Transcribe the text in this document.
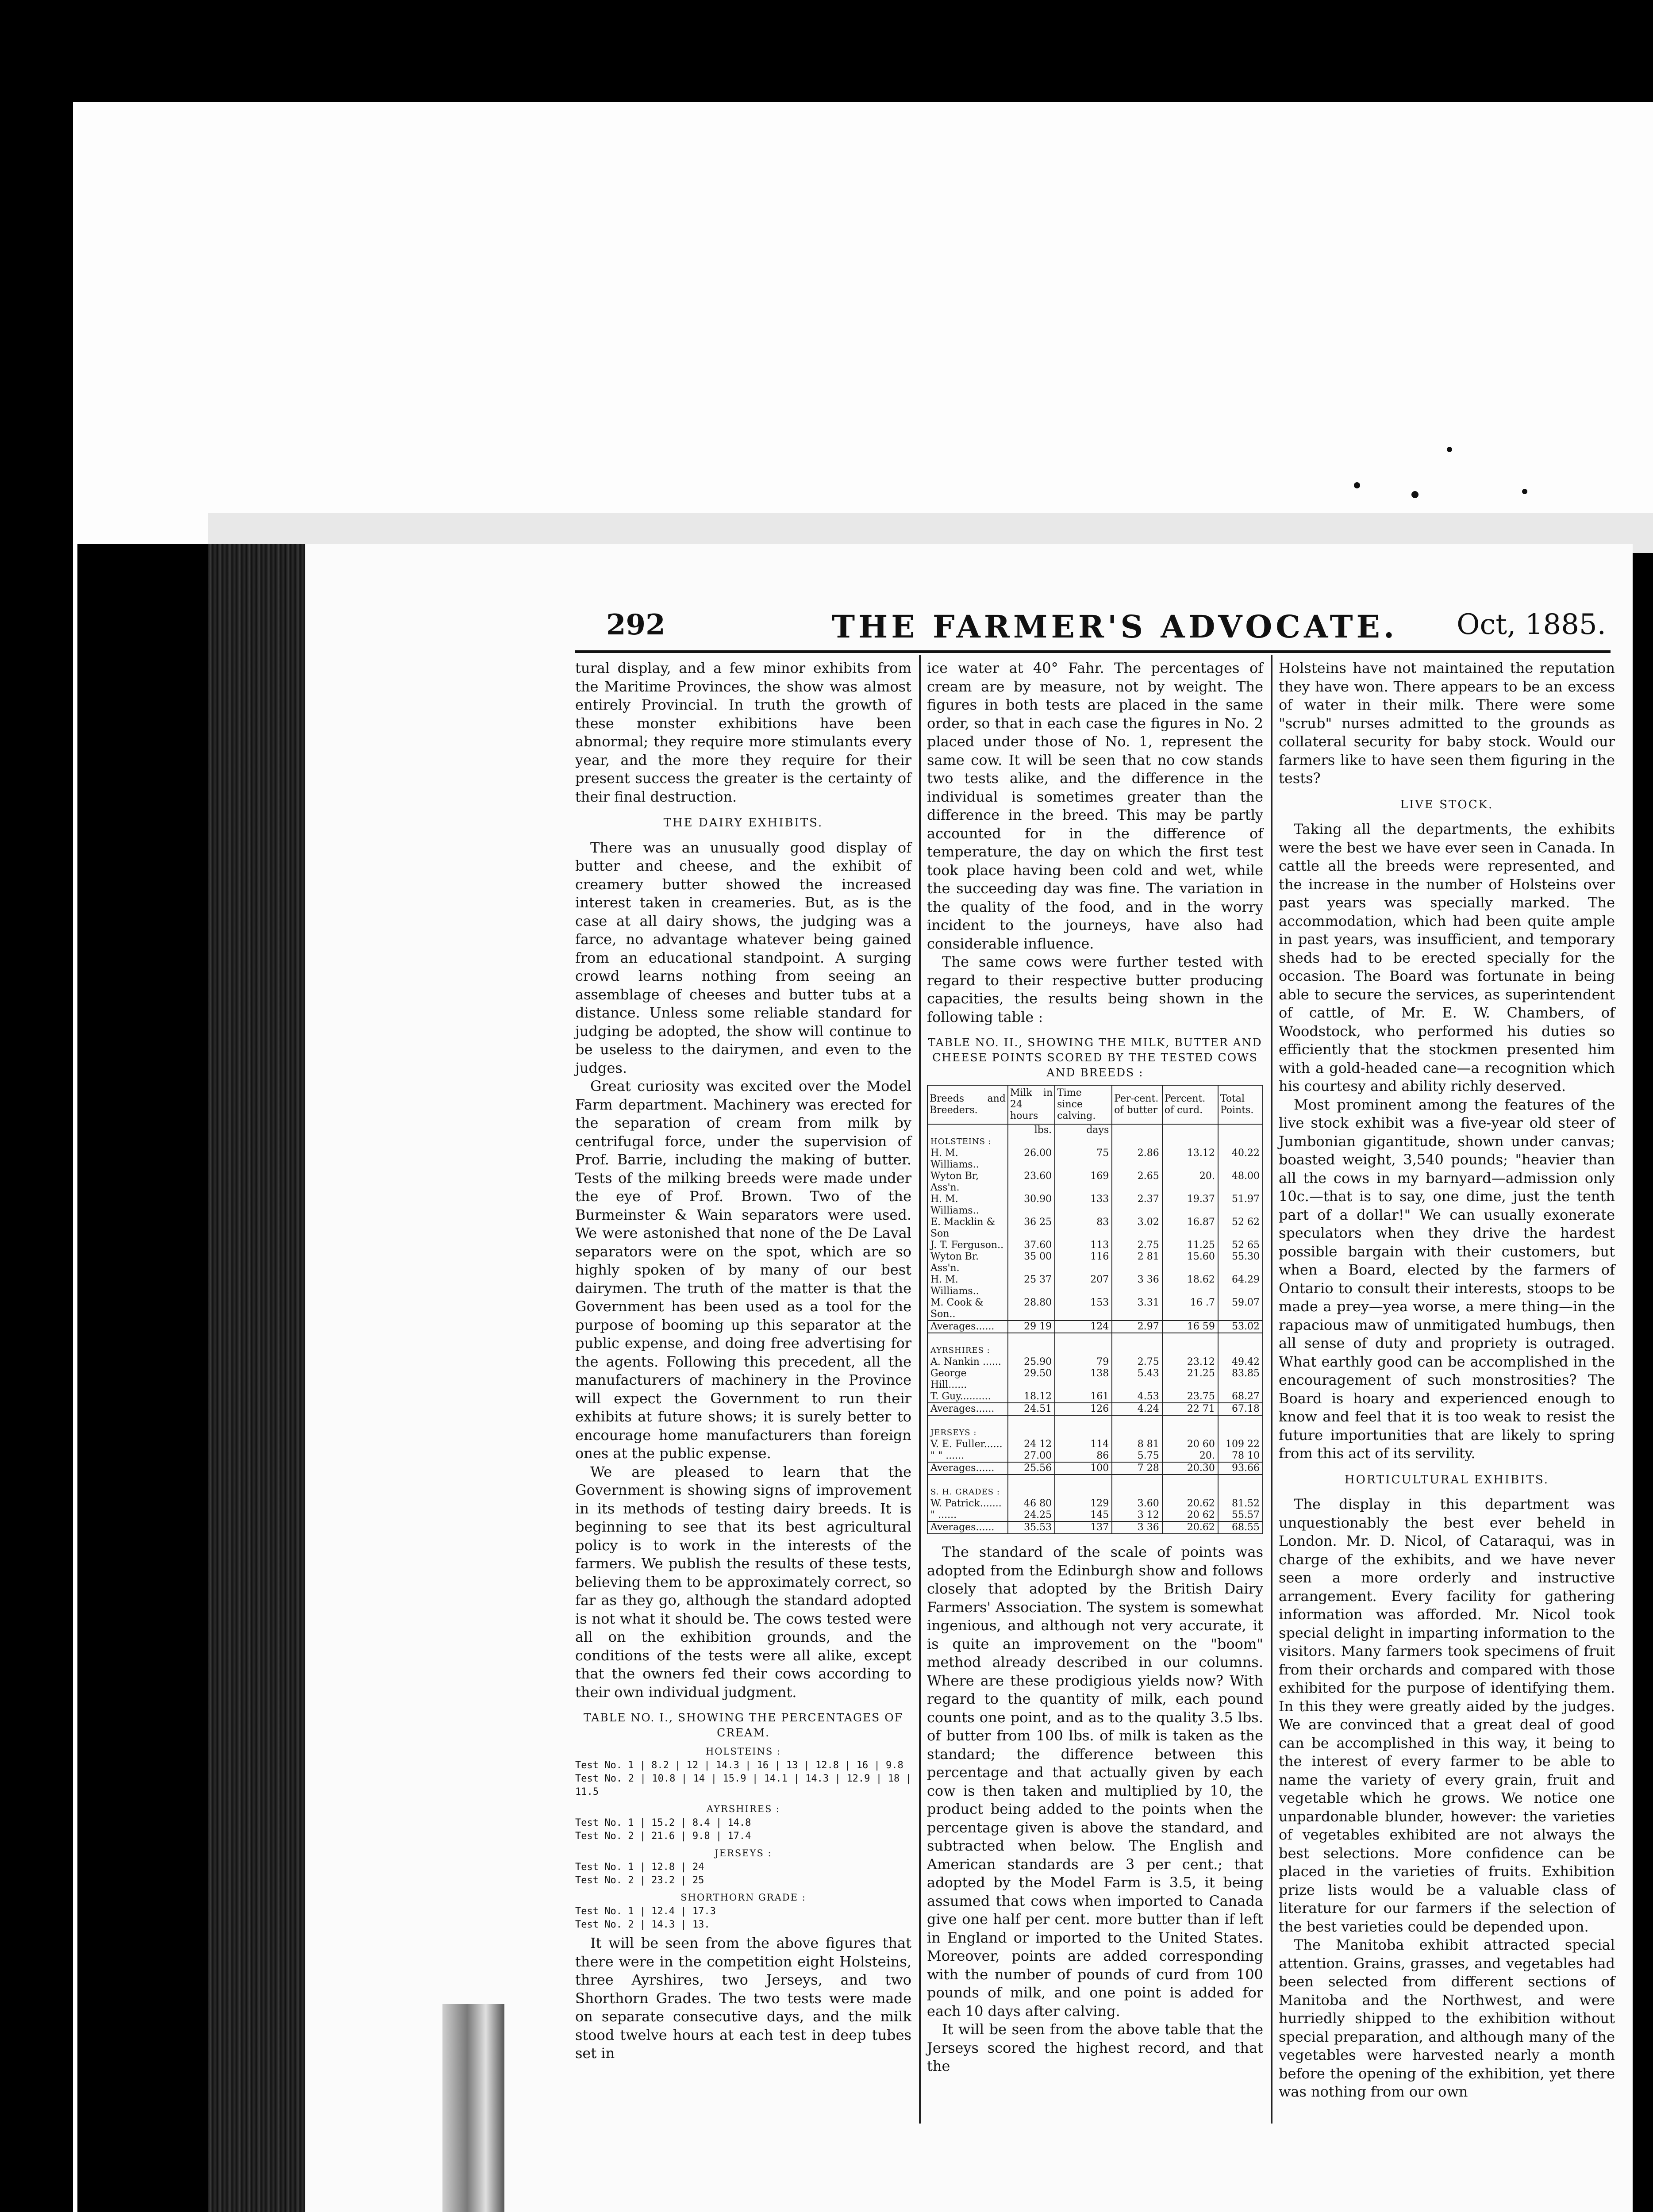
292	THE FARMER'S ADVOCATE. Oct, 1885.

tural display, and a few minor exhibits from the Maritime Provinces, the show was almost entirely Provincial. In truth the growth of these monster exhibitions have been abnormal; they require more stimulants every year, and the more they require for their present success the greater is the certainty of their final destruction.

THE DAIRY EXHIBITS.

There was an unusually good display of butter and cheese, and the exhibit of creamery butter showed the increased interest taken in creameries. But, as is the case at all dairy shows, the judging was a farce, no advantage whatever being gained from an educational standpoint. A surging crowd learns nothing from seeing an assemblage of cheeses and butter tubs at a distance. Unless some reliable standard for judging be adopted, the show will continue to be useless to the dairymen, and even to the judges.

Great curiosity was excited over the Model Farm department. Machinery was erected for the separation of cream from milk by centrifugal force, under the supervision of Prof. Barrie, including the making of butter. Tests of the milking breeds were made under the eye of Prof. Brown. Two of the Burmeinster & Wain separators were used. We were astonished that none of the De Laval separators were on the spot, which are so highly spoken of by many of our best dairymen. The truth of the matter is that the Government has been used as a tool for the purpose of booming up this separator at the public expense, and doing free advertising for the agents. Following this precedent, all the manufacturers of machinery in the Province will expect the Government to run their exhibits at future shows; it is surely better to encourage home manufacturers than foreign ones at the public expense.

We are pleased to learn that the Government is showing signs of improvement in its methods of testing dairy breeds. It is beginning to see that its best agricultural policy is to work in the interests of the farmers. We publish the results of these tests, believing them to be approximately correct, so far as they go, although the standard adopted is not what it should be. The cows tested were all on the exhibition grounds, and the conditions of the tests were all alike, except that the owners fed their cows according to their own individual judgment.

TABLE NO. I., SHOWING THE PERCENTAGES OF CREAM.
HOLSTEINS :
Test No. 1 | 8.2 | 12 | 14.3 | 16 | 13 | 12.8 | 16 | 9.8
Test No. 2 | 10.8 | 14 | 15.9 | 14.1 | 14.3 | 12.9 | 18 | 11.5
AYRSHIRES :
Test No. 1 | 15.2 | 8.4 | 14.8
Test No. 2 | 21.6 | 9.8 | 17.4
JERSEYS :
Test No. 1 | 12.8 | 24
Test No. 2 | 23.2 | 25
SHORTHORN GRADE :
Test No. 1 | 12.4 | 17.3
Test No. 2 | 14.3 | 13.

It will be seen from the above figures that there were in the competition eight Holsteins, three Ayrshires, two Jerseys, and two Shorthorn Grades. The two tests were made on separate consecutive days, and the milk stood twelve hours at each test in deep tubes set in

ice water at 40° Fahr. The percentages of cream are by measure, not by weight. The figures in both tests are placed in the same order, so that in each case the figures in No. 2 placed under those of No. 1, represent the same cow. It will be seen that no cow stands two tests alike, and the difference in the individual is sometimes greater than the difference in the breed. This may be partly accounted for in the difference of temperature, the day on which the first test took place having been cold and wet, while the succeeding day was fine. The variation in the quality of the food, and in the worry incident to the journeys, have also had considerable influence.

The same cows were further tested with regard to their respective butter producing capacities, the results being shown in the following table :

TABLE NO. II., SHOWING THE MILK, BUTTER AND CHEESE POINTS SCORED BY THE TESTED COWS AND BREEDS :
Breeds and Breeders.	Milk in 24 hours	Time since calving.	Per-cent. of butter	Percent. of curd.	Total Points.
	lbs.	days			
HOLSTEINS :					
H. M. Williams..	26.00	75	2.86	13.12	40.22
Wyton Br, Ass'n.	23.60	169	2.65	20.	48.00
H. M. Williams..	30.90	133	2.37	19.37	51.97
E. Macklin & Son	36 25	83	3.02	16.87	52 62
J. T. Ferguson..	37.60	113	2.75	11.25	52 65
Wyton Br. Ass'n.	35 00	116	2 81	15.60	55.30
H. M. Williams..	25 37	207	3 36	18.62	64.29
M. Cook & Son..	28.80	153	3.31	16 .7	59.07
Averages......	29 19	124	2.97	16 59	53.02

AYRSHIRES :					
A. Nankin ......	25.90	79	2.75	23.12	49.42
George Hill......	29.50	138	5.43	21.25	83.85
T. Guy..........	18.12	161	4.53	23.75	68.27
Averages......	24.51	126	4.24	22 71	67.18

JERSEYS :					
V. E. Fuller......	24 12	114	8 81	20 60	109 22
" " ......	27.00	86	5.75	20.	78 10
Averages......	25.56	100	7 28	20.30	93.66

S. H. GRADES :					
W. Patrick.......	46 80	129	3.60	20.62	81.52
" ......	24.25	145	3 12	20 62	55.57
Averages......	35.53	137	3 36	20.62	68.55

The standard of the scale of points was adopted from the Edinburgh show and follows closely that adopted by the British Dairy Farmers' Association. The system is somewhat ingenious, and although not very accurate, it is quite an improvement on the "boom" method already described in our columns. Where are these prodigious yields now? With regard to the quantity of milk, each pound counts one point, and as to the quality 3.5 lbs. of butter from 100 lbs. of milk is taken as the standard; the difference between this percentage and that actually given by each cow is then taken and multiplied by 10, the product being added to the points when the percentage given is above the standard, and subtracted when below. The English and American standards are 3 per cent.; that adopted by the Model Farm is 3.5, it being assumed that cows when imported to Canada give one half per cent. more butter than if left in England or imported to the United States. Moreover, points are added corresponding with the number of pounds of curd from 100 pounds of milk, and one point is added for each 10 days after calving.

It will be seen from the above table that the Jerseys scored the highest record, and that the

Holsteins have not maintained the reputation they have won. There appears to be an excess of water in their milk. There were some "scrub" nurses admitted to the grounds as collateral security for baby stock. Would our farmers like to have seen them figuring in the tests?

LIVE STOCK.

Taking all the departments, the exhibits were the best we have ever seen in Canada. In cattle all the breeds were represented, and the increase in the number of Holsteins over past years was specially marked. The accommodation, which had been quite ample in past years, was insufficient, and temporary sheds had to be erected specially for the occasion. The Board was fortunate in being able to secure the services, as superintendent of cattle, of Mr. E. W. Chambers, of Woodstock, who performed his duties so efficiently that the stockmen presented him with a gold-headed cane—a recognition which his courtesy and ability richly deserved.

Most prominent among the features of the live stock exhibit was a five-year old steer of Jumbonian gigantitude, shown under canvas; boasted weight, 3,540 pounds; "heavier than all the cows in my barnyard—admission only 10c.—that is to say, one dime, just the tenth part of a dollar!" We can usually exonerate speculators when they drive the hardest possible bargain with their customers, but when a Board, elected by the farmers of Ontario to consult their interests, stoops to be made a prey—yea worse, a mere thing—in the rapacious maw of unmitigated humbugs, then all sense of duty and propriety is outraged. What earthly good can be accomplished in the encouragement of such monstrosities? The Board is hoary and experienced enough to know and feel that it is too weak to resist the future importunities that are likely to spring from this act of its servility.

HORTICULTURAL EXHIBITS.

The display in this department was unquestionably the best ever beheld in London. Mr. D. Nicol, of Cataraqui, was in charge of the exhibits, and we have never seen a more orderly and instructive arrangement. Every facility for gathering information was afforded. Mr. Nicol took special delight in imparting information to the visitors. Many farmers took specimens of fruit from their orchards and compared with those exhibited for the purpose of identifying them. In this they were greatly aided by the judges. We are convinced that a great deal of good can be accomplished in this way, it being to the interest of every farmer to be able to name the variety of every grain, fruit and vegetable which he grows. We notice one unpardonable blunder, however: the varieties of vegetables exhibited are not always the best selections. More confidence can be placed in the varieties of fruits. Exhibition prize lists would be a valuable class of literature for our farmers if the selection of the best varieties could be depended upon.

The Manitoba exhibit attracted special attention. Grains, grasses, and vegetables had been selected from different sections of Manitoba and the Northwest, and were hurriedly shipped to the exhibition without special preparation, and although many of the vegetables were harvested nearly a month before the opening of the exhibition, yet there was nothing from our own
